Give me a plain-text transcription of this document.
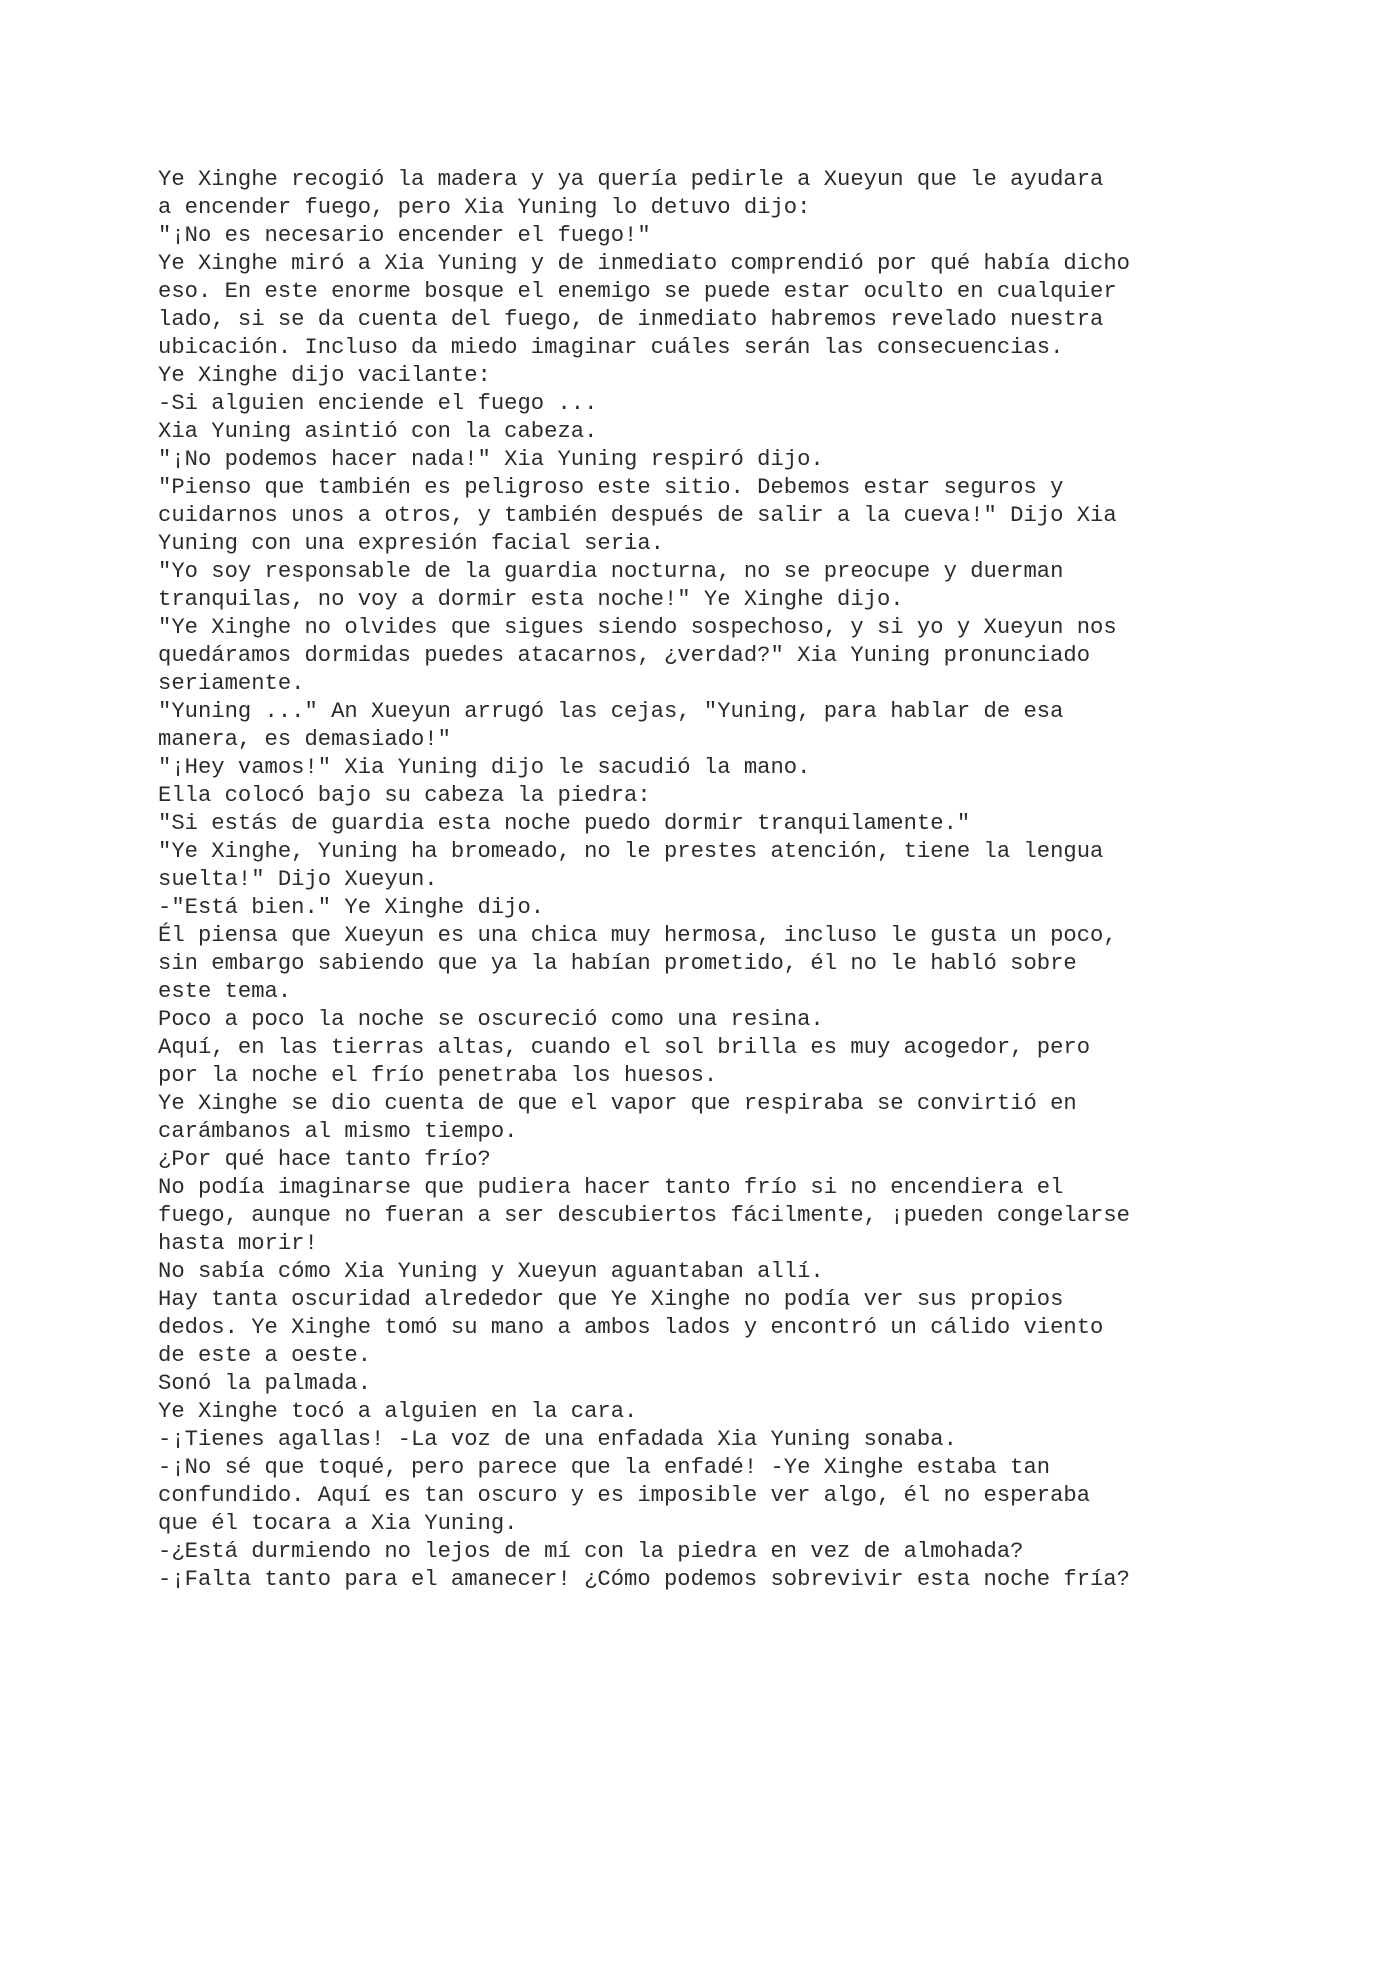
Ye Xinghe recogió la madera y ya quería pedirle a Xueyun que le ayudara
a encender fuego, pero Xia Yuning lo detuvo dijo:
"¡No es necesario encender el fuego!"
Ye Xinghe miró a Xia Yuning y de inmediato comprendió por qué había dicho
eso. En este enorme bosque el enemigo se puede estar oculto en cualquier
lado, si se da cuenta del fuego, de inmediato habremos revelado nuestra
ubicación. Incluso da miedo imaginar cuáles serán las consecuencias.
Ye Xinghe dijo vacilante:
-Si alguien enciende el fuego ...
Xia Yuning asintió con la cabeza.
"¡No podemos hacer nada!" Xia Yuning respiró dijo.
"Pienso que también es peligroso este sitio. Debemos estar seguros y
cuidarnos unos a otros, y también después de salir a la cueva!" Dijo Xia
Yuning con una expresión facial seria.
"Yo soy responsable de la guardia nocturna, no se preocupe y duerman
tranquilas, no voy a dormir esta noche!" Ye Xinghe dijo.
"Ye Xinghe no olvides que sigues siendo sospechoso, y si yo y Xueyun nos
quedáramos dormidas puedes atacarnos, ¿verdad?" Xia Yuning pronunciado
seriamente.
"Yuning ..." An Xueyun arrugó las cejas, "Yuning, para hablar de esa
manera, es demasiado!"
"¡Hey vamos!" Xia Yuning dijo le sacudió la mano.
Ella colocó bajo su cabeza la piedra:
"Si estás de guardia esta noche puedo dormir tranquilamente."
"Ye Xinghe, Yuning ha bromeado, no le prestes atención, tiene la lengua
suelta!" Dijo Xueyun.
-"Está bien." Ye Xinghe dijo.
Él piensa que Xueyun es una chica muy hermosa, incluso le gusta un poco,
sin embargo sabiendo que ya la habían prometido, él no le habló sobre
este tema.
Poco a poco la noche se oscureció como una resina.
Aquí, en las tierras altas, cuando el sol brilla es muy acogedor, pero
por la noche el frío penetraba los huesos.
Ye Xinghe se dio cuenta de que el vapor que respiraba se convirtió en
carámbanos al mismo tiempo.
¿Por qué hace tanto frío?
No podía imaginarse que pudiera hacer tanto frío si no encendiera el
fuego, aunque no fueran a ser descubiertos fácilmente, ¡pueden congelarse
hasta morir!
No sabía cómo Xia Yuning y Xueyun aguantaban allí.
Hay tanta oscuridad alrededor que Ye Xinghe no podía ver sus propios
dedos. Ye Xinghe tomó su mano a ambos lados y encontró un cálido viento
de este a oeste.
Sonó la palmada.
Ye Xinghe tocó a alguien en la cara.
-¡Tienes agallas! -La voz de una enfadada Xia Yuning sonaba.
-¡No sé que toqué, pero parece que la enfadé! -Ye Xinghe estaba tan
confundido. Aquí es tan oscuro y es imposible ver algo, él no esperaba
que él tocara a Xia Yuning.
-¿Está durmiendo no lejos de mí con la piedra en vez de almohada?
-¡Falta tanto para el amanecer! ¿Cómo podemos sobrevivir esta noche fría?
